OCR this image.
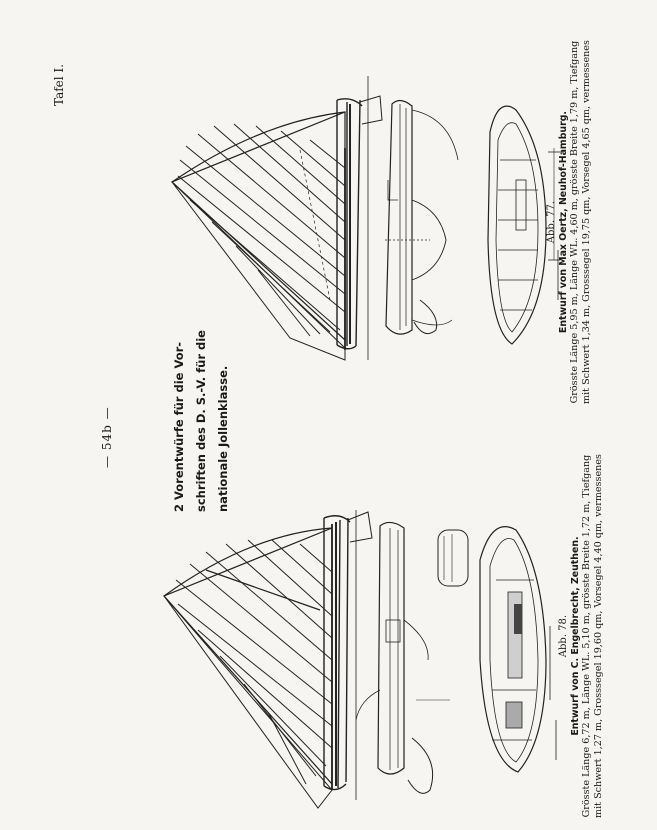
Tafel I.
— 54b —	2 Vorentwürfe für die Vor- schriften des D. S.-V. für die nationale Jollenklasse.
Abb. 77. Entwurf von Max Oertz, Neuhof-Hamburg. Grösste Länge 5,95 m, Länge WL. 4,60 m, grösste Breite 1,79 m, Tiefgang mit Schwert 1,34 m, Grosssegel 19,75 qm, Vorsegel 4,65 qm, vermessenes
Abb. 78. Entwurf von C. Engelbrecht, Zeuthen. Grösste Länge 6,72 m, Länge WL. 5,10 m, grösste Breite 1,72 m, Tiefgang mit Schwert 1,27 m, Grosssegel 19,60 qm, Vorsegel 4,40 qm, vermessenes
